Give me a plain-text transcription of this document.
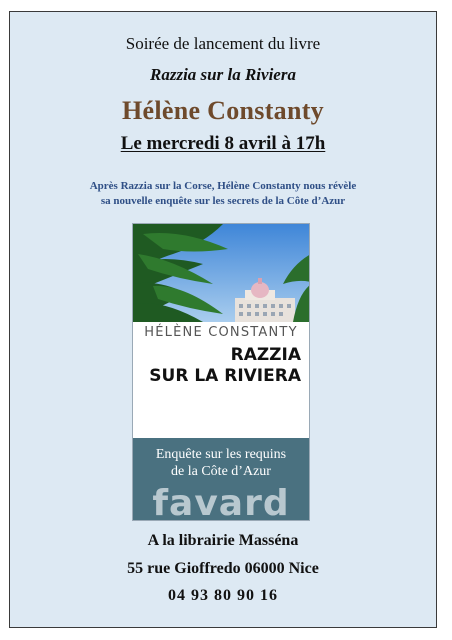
Soirée de lancement du livre
Razzia sur la Riviera
Hélène Constanty
Le mercredi 8 avril à 17h
Après Razzia sur la Corse, Hélène Constanty nous révèle
sa nouvelle enquête sur les secrets de la Côte d’Azur
HÉLÈNE CONSTANTY
RAZZIA
SUR LA RIVIERA
Enquête sur les requins
de la Côte d’Azur
favard
A la librairie Masséna
55 rue Gioffredo 06000 Nice
04 93 80 90 16
